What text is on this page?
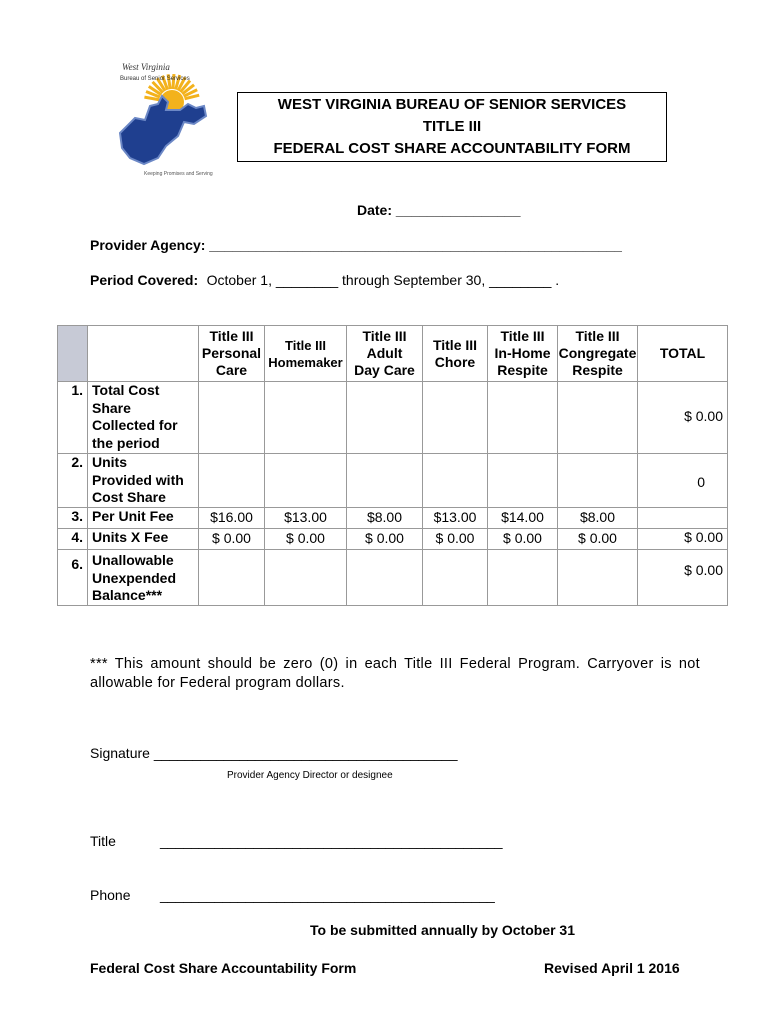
West Virginia
Bureau of Senior Services
Keeping Promises and Serving
WEST VIRGINIA BUREAU OF SENIOR SERVICES
TITLE III
FEDERAL COST SHARE ACCOUNTABILITY FORM
Date: ________________
Provider Agency: _____________________________________________________
Period Covered: October 1, ________ through September 30, ________ .
		Title III
Personal
Care	Title III
Homemaker	Title III
Adult
Day Care	Title III
Chore	Title III
In-Home
Respite	Title III
Congregate
Respite	TOTAL
1.	Total Cost
Share
Collected for
the period							$ 0.00
2.	Units
Provided with
Cost Share							0
3.	Per Unit Fee	$16.00	$13.00	$8.00	$13.00	$14.00	$8.00	
4.	Units X Fee	$ 0.00	$ 0.00	$ 0.00	$ 0.00	$ 0.00	$ 0.00	$ 0.00
6.	Unallowable
Unexpended
Balance***							$ 0.00
*** This amount should be zero (0) in each Title III Federal Program. Carryover is not allowable for Federal program dollars.
Signature _______________________________________
Provider Agency Director or designee
Title	____________________________________________
Phone ___________________________________________
To be submitted annually by October 31
Federal Cost Share Accountability Form	Revised April 1 2016
